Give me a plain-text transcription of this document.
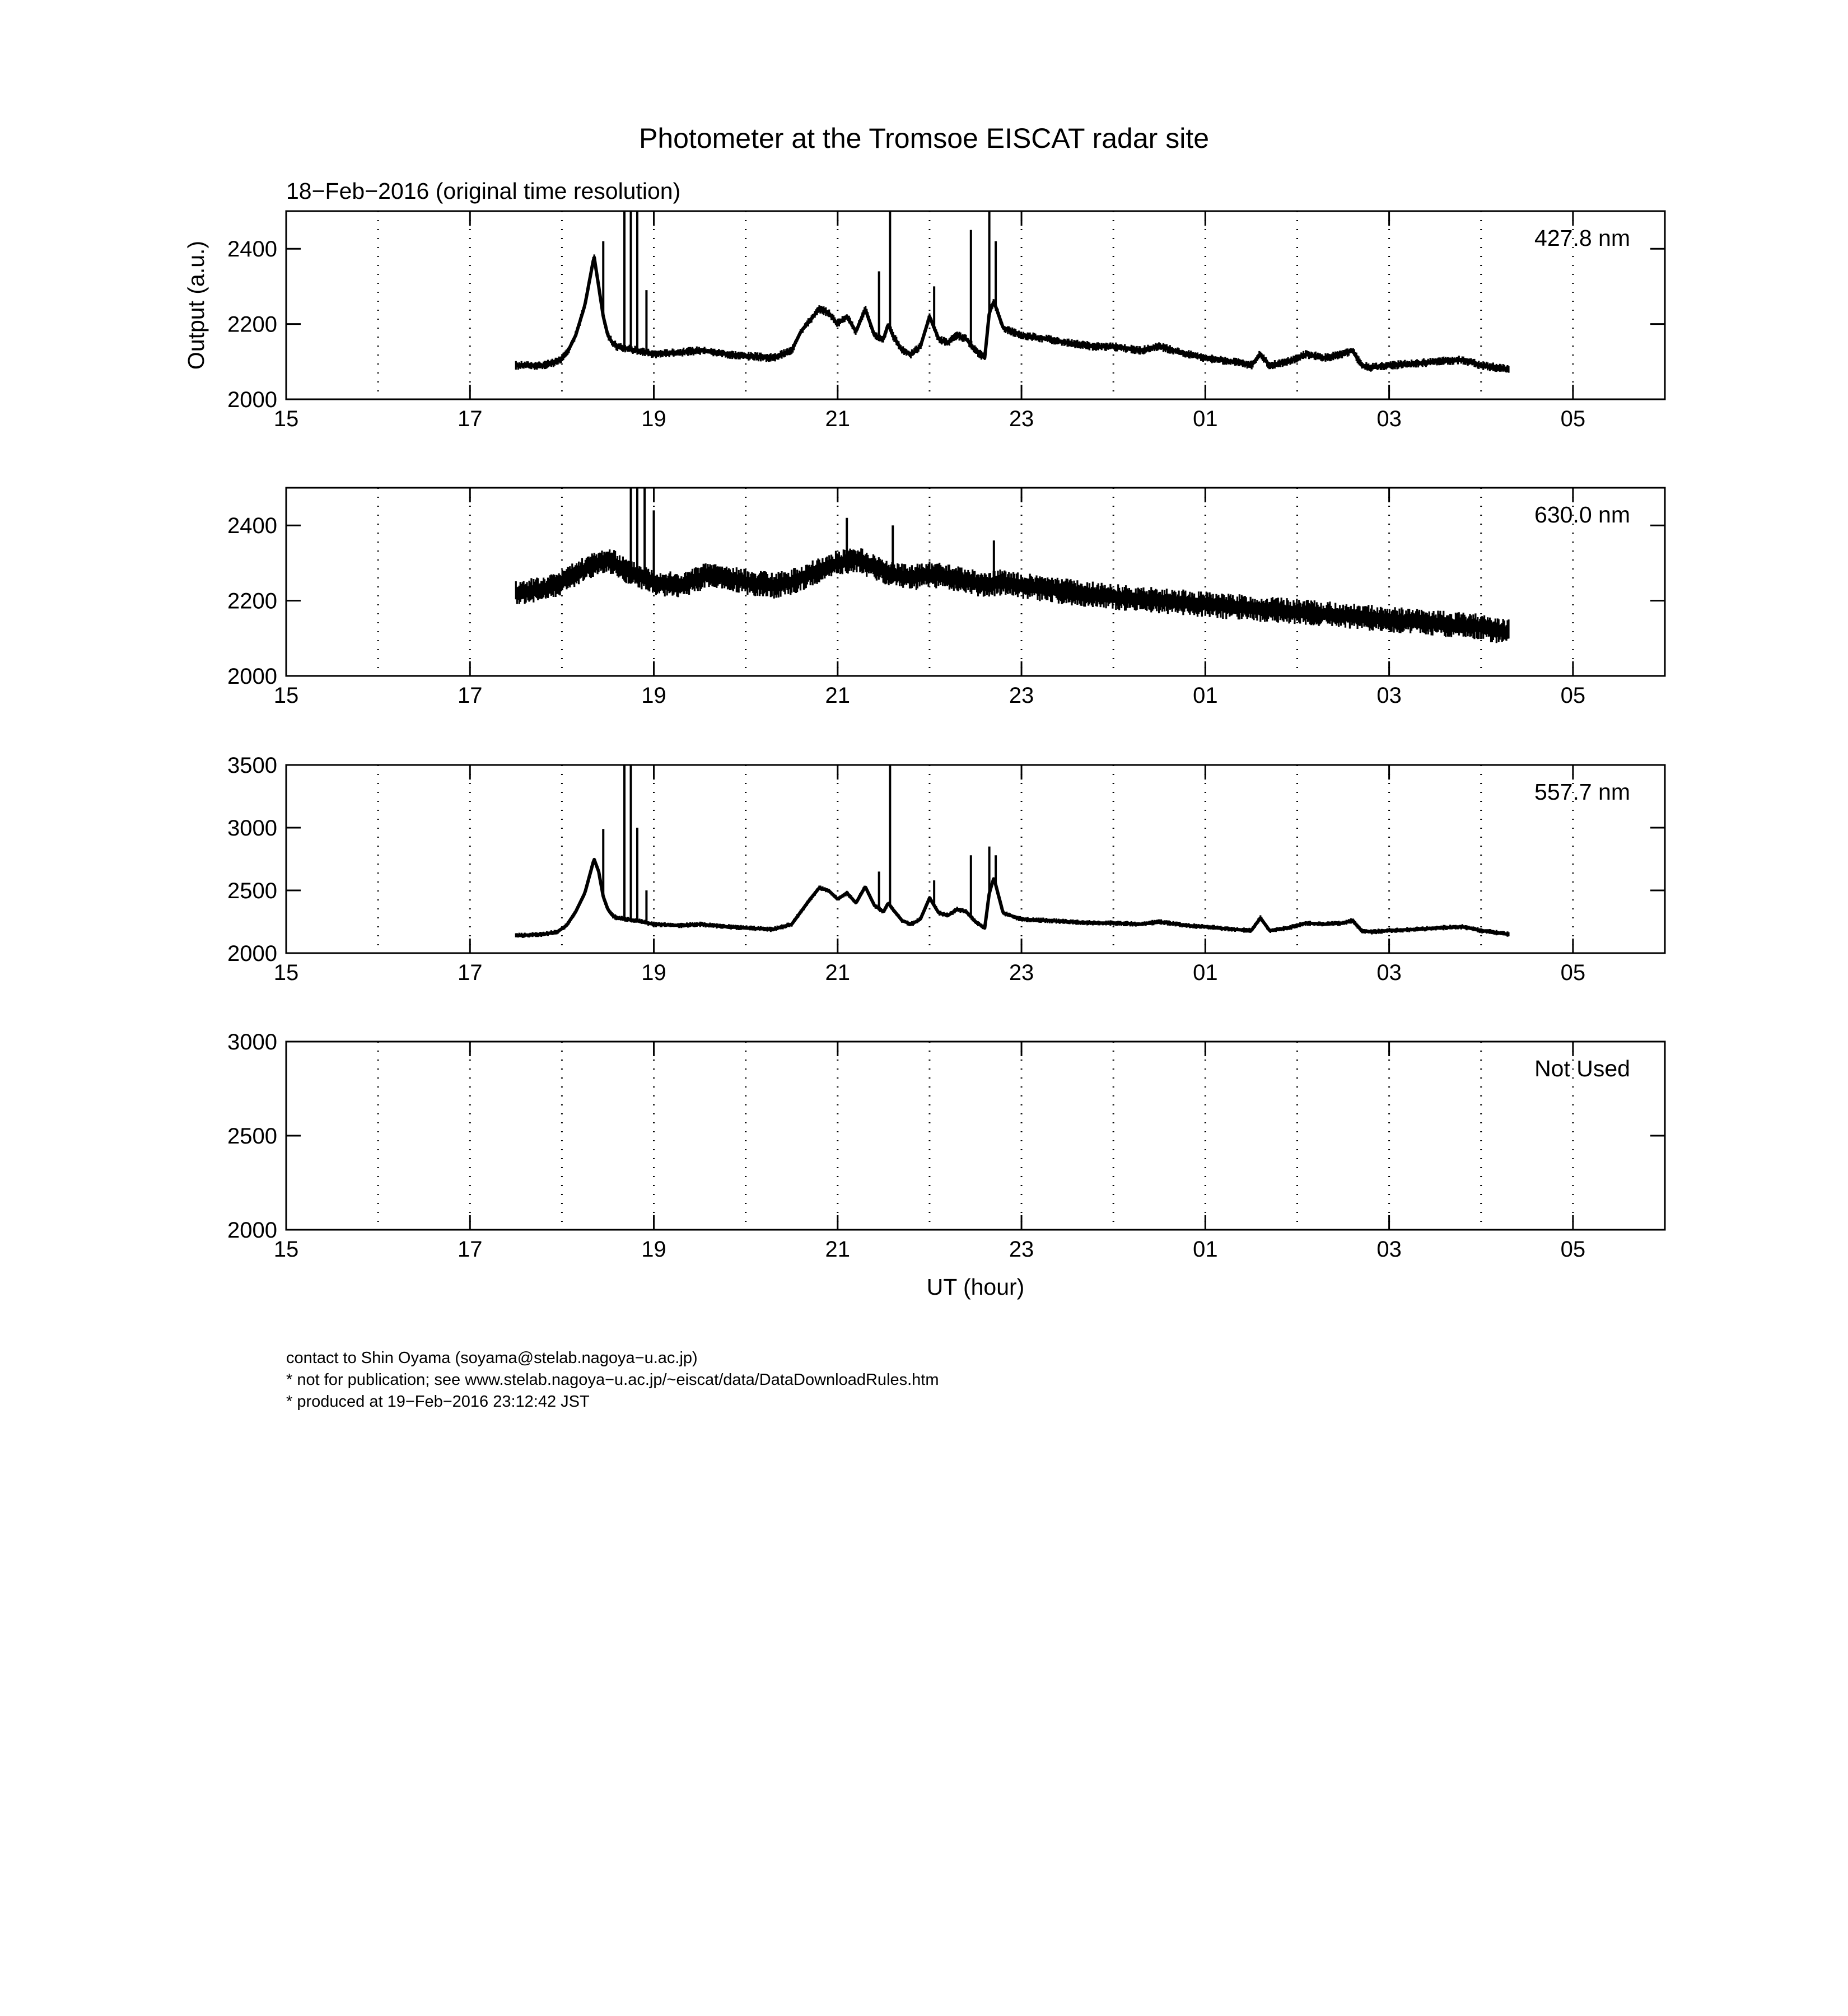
2000
2200
2400
15	17	19	21	23	01	03	05
427.8 nm
2000
2200
2400
15	17	19	21	23	01	03	05
630.0 nm
2000
2500
3000
3500
15	17	19	21	23	01	03	05
557.7 nm
2000
2500
3000
15	17	19	21	23	01	03	05
Not Used
Output (a.u.)
UT (hour)
Photometer at the Tromsoe EISCAT radar site
18−Feb−2016 (original time resolution)
contact to Shin Oyama (soyama@stelab.nagoya−u.ac.jp)
* not for publication; see www.stelab.nagoya−u.ac.jp/~eiscat/data/DataDownloadRules.htm
* produced at 19−Feb−2016 23:12:42 JST
